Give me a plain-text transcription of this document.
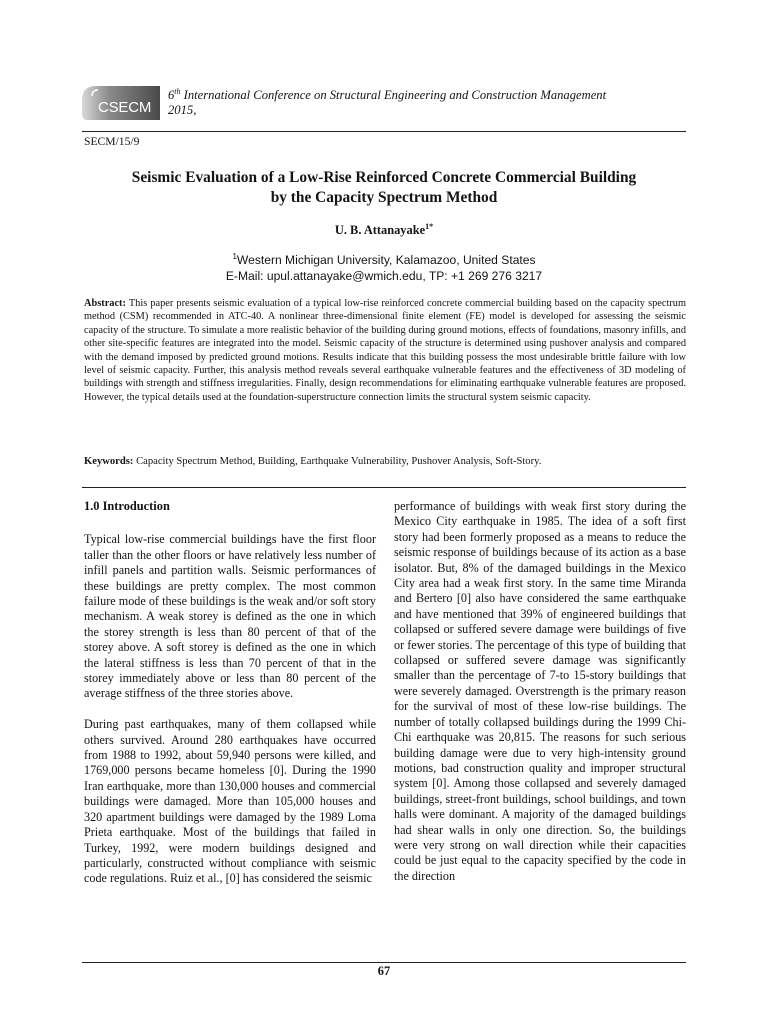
CSECM
6th International Conference on Structural Engineering and Construction Management
2015,
SECM/15/9
Seismic Evaluation of a Low-Rise Reinforced Concrete Commercial Building
by the Capacity Spectrum Method
U. B. Attanayake$^{1*}$
$^1$Western Michigan University, Kalamazoo, United States
E-Mail: upul.attanayake@wmich.edu, TP: +1 269 276 3217
Abstract: This paper presents seismic evaluation of a typical low-rise reinforced concrete commercial building based on the capacity spectrum method (CSM) recommended in ATC-40. A nonlinear three-dimensional finite element (FE) model is developed for assessing the seismic capacity of the structure. To simulate a more realistic behavior of the building during ground motions, effects of foundations, masonry infills, and other site-specific features are integrated into the model. Seismic capacity of the structure is determined using pushover analysis and compared with the demand imposed by predicted ground motions. Results indicate that this building possess the most undesirable brittle failure with low level of seismic capacity. Further, this analysis method reveals several earthquake vulnerable features and the effectiveness of 3D modeling of buildings with strength and stiffness irregularities. Finally, design recommendations for eliminating earthquake vulnerable features are proposed. However, the typical details used at the foundation-superstructure connection limits the structural system seismic capacity.
Keywords: Capacity Spectrum Method, Building, Earthquake Vulnerability, Pushover Analysis, Soft-Story.
1.0 Introduction

Typical low-rise commercial buildings have the first floor taller than the other floors or have relatively less number of infill panels and partition walls. Seismic performances of these buildings are pretty complex. The most common failure mode of these buildings is the weak and/or soft story mechanism. A weak storey is defined as the one in which the storey strength is less than 80 percent of that of the storey above. A soft storey is defined as the one in which the lateral stiffness is less than 70 percent of that in the storey immediately above or less than 80 percent of the average stiffness of the three stories above.

During past earthquakes, many of them collapsed while others survived. Around 280 earthquakes have occurred from 1988 to 1992, about 59,940 persons were killed, and 1769,000 persons became homeless [0]. During the 1990 Iran earthquake, more than 130,000 houses and commercial buildings were damaged. More than 105,000 houses and 320 apartment buildings were damaged by the 1989 Loma Prieta earthquake. Most of the buildings that failed in Turkey, 1992, were modern buildings designed and particularly, constructed without compliance with seismic code regulations. Ruiz et al., [0] has considered the seismic

performance of buildings with weak first story during the Mexico City earthquake in 1985. The idea of a soft first story had been formerly proposed as a means to reduce the seismic response of buildings because of its action as a base isolator. But, 8% of the damaged buildings in the Mexico City area had a weak first story. In the same time Miranda and Bertero [0] also have considered the same earthquake and have mentioned that 39% of engineered buildings that collapsed or suffered severe damage were buildings of five or fewer stories. The percentage of this type of building that collapsed or suffered severe damage was significantly smaller than the percentage of 7-to 15-story buildings that were severely damaged. Overstrength is the primary reason for the survival of most of these low-rise buildings. The number of totally collapsed buildings during the 1999 Chi-Chi earthquake was 20,815. The reasons for such serious building damage were due to very high-intensity ground motions, bad construction quality and improper structural system [0]. Among those collapsed and severely damaged buildings, street-front buildings, school buildings, and town halls were dominant. A majority of the damaged buildings had shear walls in only one direction. So, the buildings were very strong on wall direction while their capacities could be just equal to the capacity specified by the code in the direction

67
